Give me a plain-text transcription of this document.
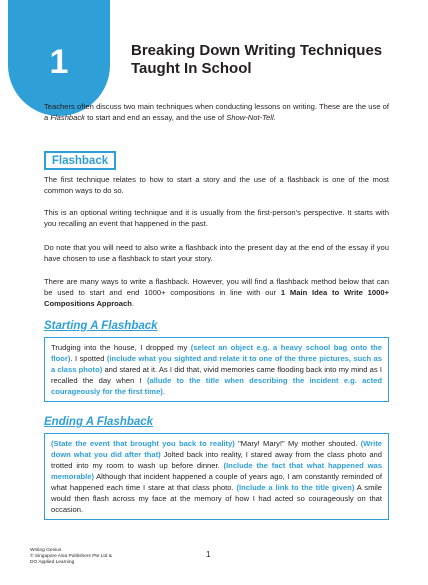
1	Breaking Down Writing Techniques
Taught In School
Teachers often discuss two main techniques when conducting lessons on writing. These are the use of a Flashback to start and end an essay, and the use of Show-Not-Tell.
Flashback
The first technique relates to how to start a story and the use of a flashback is one of the most common ways to do so.
This is an optional writing technique and it is usually from the first-person's perspective. It starts with you recalling an event that happened in the past.
Do note that you will need to also write a flashback into the present day at the end of the essay if you have chosen to use a flashback to start your story.
There are many ways to write a flashback. However, you will find a flashback method below that can be used to start and end 1000+ compositions in line with our 1 Main Idea to Write 1000+ Compositions Approach.
Starting A Flashback
Trudging into the house, I dropped my (select an object e.g. a heavy school bag onto the floor). I spotted (include what you sighted and relate it to one of the three pictures, such as a class photo) and stared at it. As I did that, vivid memories came flooding back into my mind as I recalled the day when I (allude to the title when describing the incident e.g. acted courageously for the first time).
Ending A Flashback
(State the event that brought you back to reality) "Mary! Mary!" My mother shouted. (Write down what you did after that) Jolted back into reality, I stared away from the class photo and trotted into my room to wash up before dinner. (Include the fact that what happened was memorable) Although that incident happened a couple of years ago, I am constantly reminded of what happened each time I stare at that class photo. (Include a link to the title given) A smile would then flash across my face at the memory of how I had acted so courageously on that occasion.
Writing Genius
© Singapore Asia Publishers Pte Ltd &
DO Applied Learning
1
